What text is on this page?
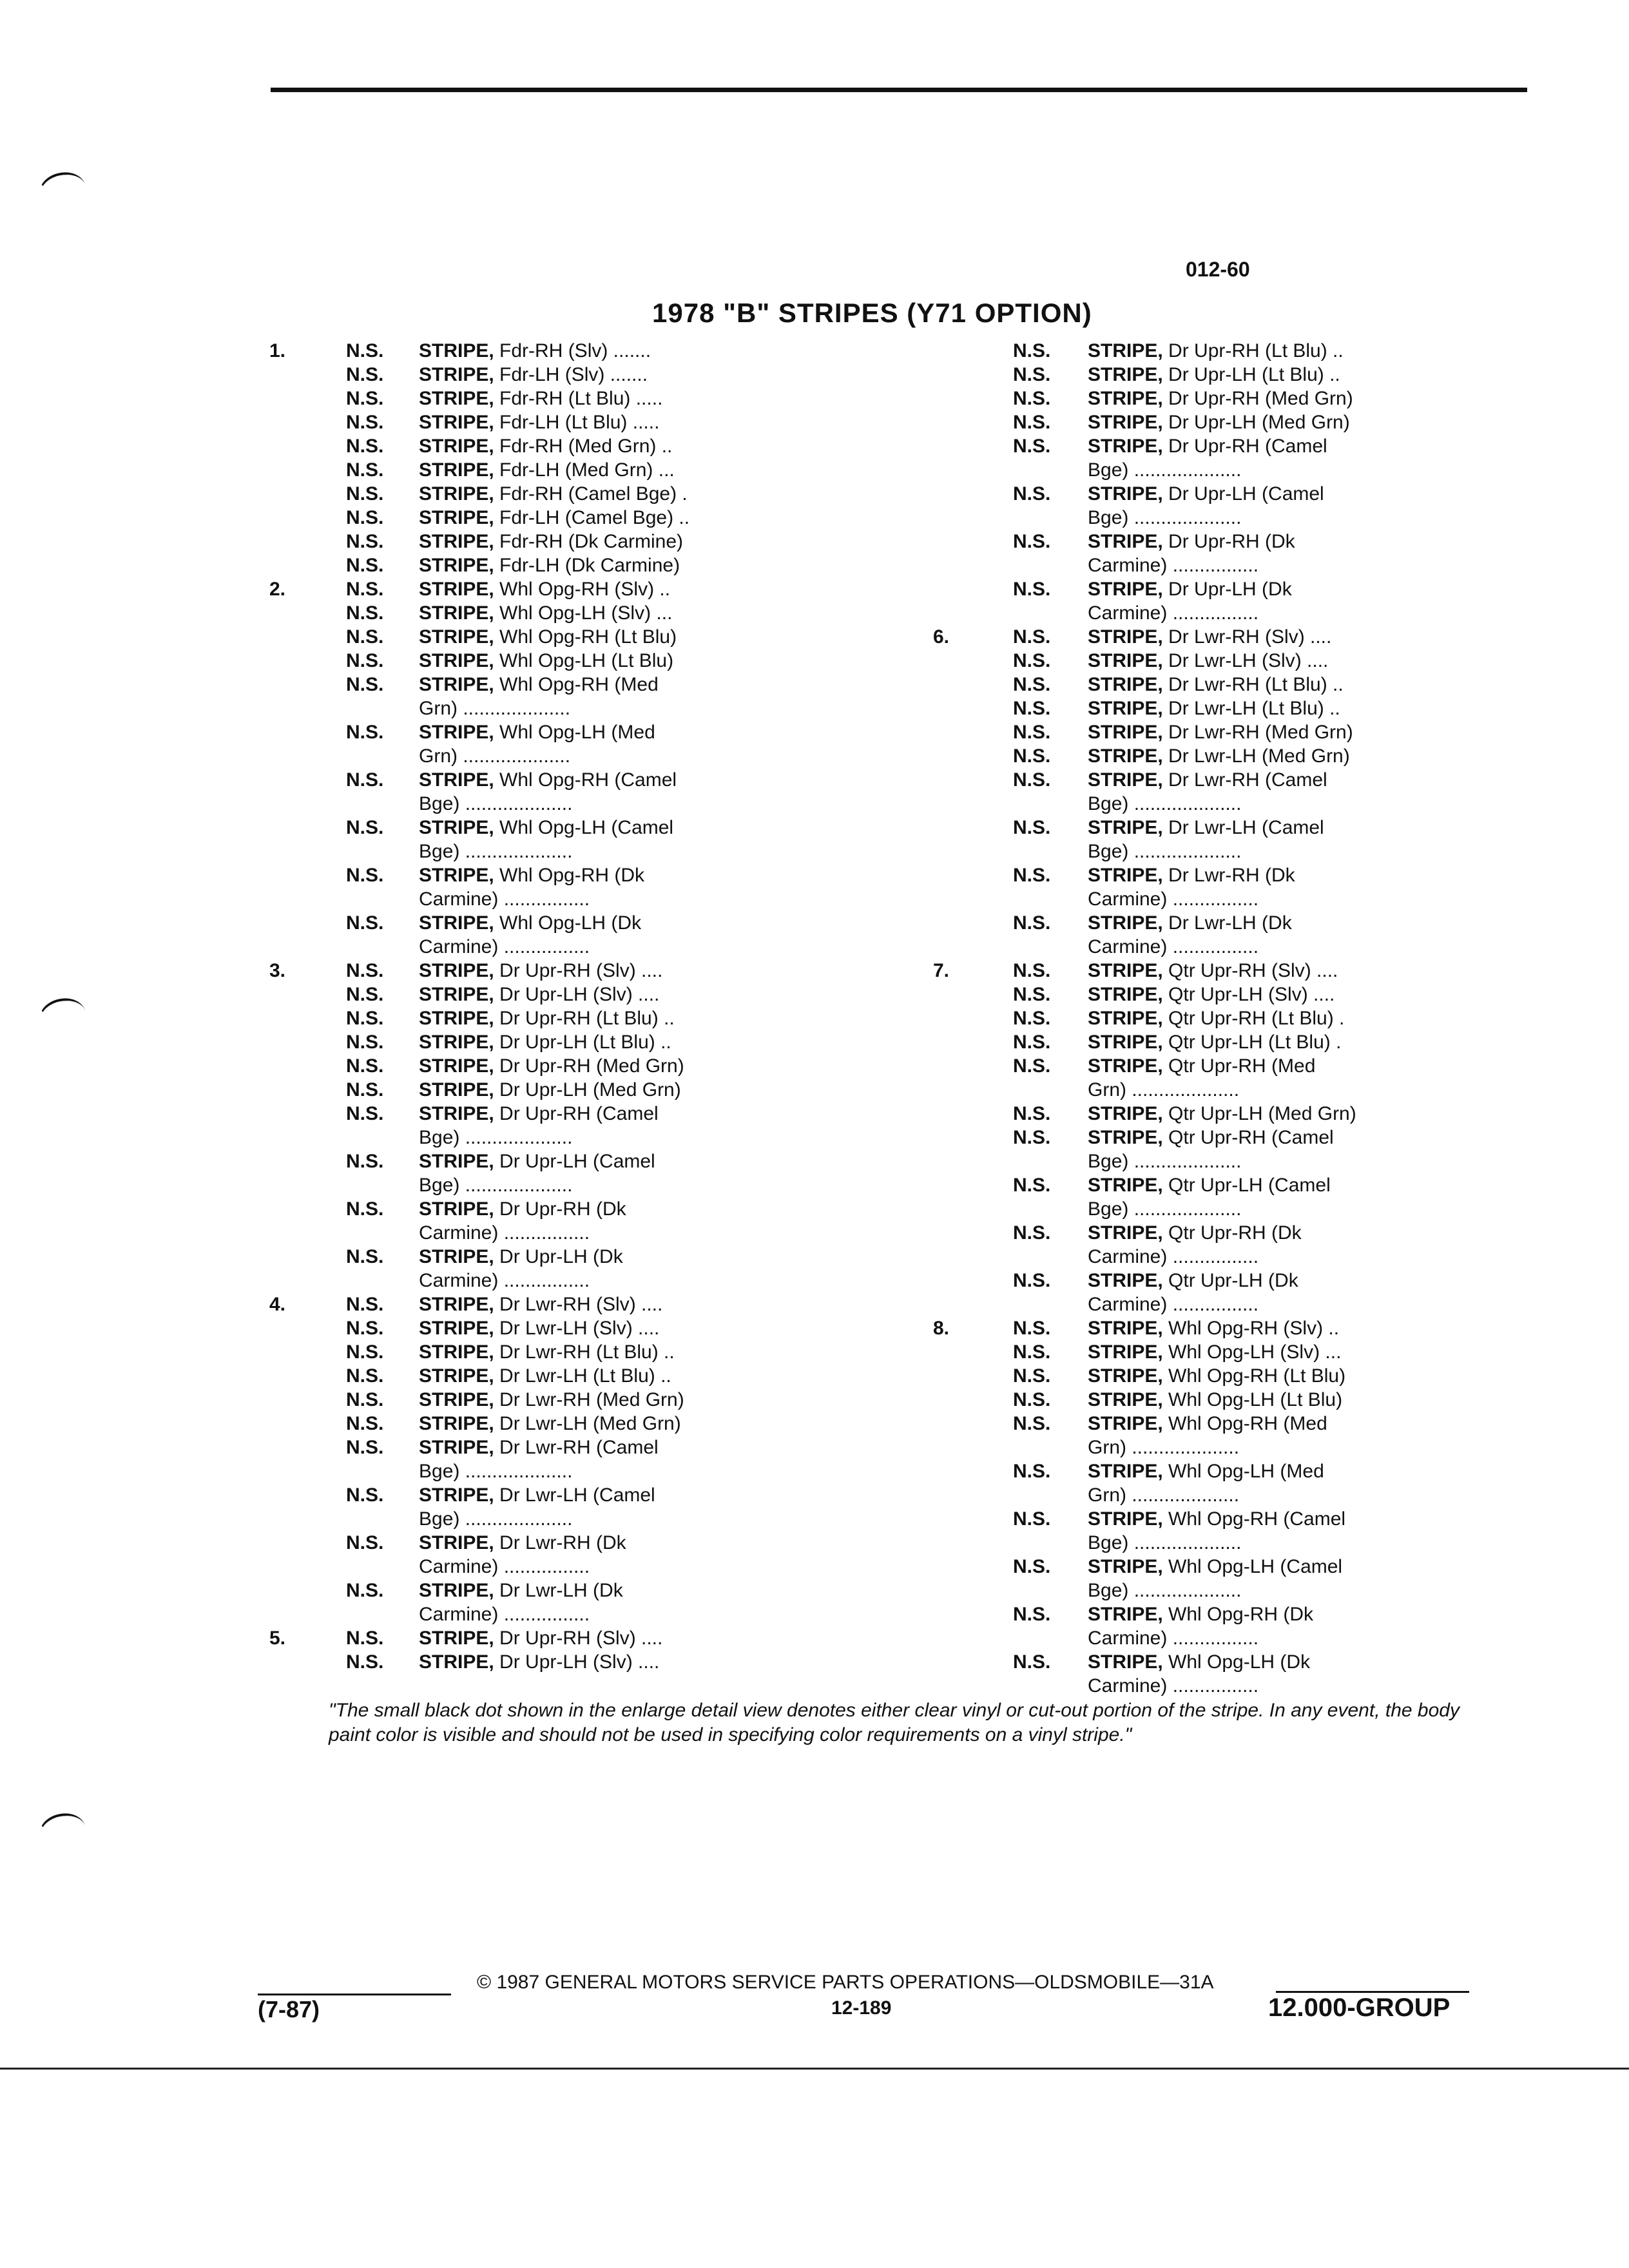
012-60
1978 "B" STRIPES (Y71 OPTION)
1.	N.S. STRIPE, Fdr-RH (Slv) .......
N.S. STRIPE, Fdr-LH (Slv) .......
N.S. STRIPE, Fdr-RH (Lt Blu) .....
N.S. STRIPE, Fdr-LH (Lt Blu) .....
N.S. STRIPE, Fdr-RH (Med Grn) ..
N.S. STRIPE, Fdr-LH (Med Grn) ...
N.S. STRIPE, Fdr-RH (Camel Bge) .
N.S. STRIPE, Fdr-LH (Camel Bge) ..
N.S. STRIPE, Fdr-RH (Dk Carmine)
N.S. STRIPE, Fdr-LH (Dk Carmine)
2.	N.S. STRIPE, Whl Opg-RH (Slv) ..
N.S. STRIPE, Whl Opg-LH (Slv) ...
N.S. STRIPE, Whl Opg-RH (Lt Blu)
N.S. STRIPE, Whl Opg-LH (Lt Blu)
N.S. STRIPE, Whl Opg-RH (Med
Grn) ....................
N.S. STRIPE, Whl Opg-LH (Med
Grn) ....................
N.S. STRIPE, Whl Opg-RH (Camel
Bge) ....................
N.S. STRIPE, Whl Opg-LH (Camel
Bge) ....................
N.S. STRIPE, Whl Opg-RH (Dk
Carmine) ................
N.S. STRIPE, Whl Opg-LH (Dk
Carmine) ................
3.	N.S. STRIPE, Dr Upr-RH (Slv) ....
N.S. STRIPE, Dr Upr-LH (Slv) ....
N.S. STRIPE, Dr Upr-RH (Lt Blu) ..
N.S. STRIPE, Dr Upr-LH (Lt Blu) ..
N.S. STRIPE, Dr Upr-RH (Med Grn)
N.S. STRIPE, Dr Upr-LH (Med Grn)
N.S. STRIPE, Dr Upr-RH (Camel
Bge) ....................
N.S. STRIPE, Dr Upr-LH (Camel
Bge) ....................
N.S. STRIPE, Dr Upr-RH (Dk
Carmine) ................
N.S. STRIPE, Dr Upr-LH (Dk
Carmine) ................
4.	N.S. STRIPE, Dr Lwr-RH (Slv) ....
N.S. STRIPE, Dr Lwr-LH (Slv) ....
N.S. STRIPE, Dr Lwr-RH (Lt Blu) ..
N.S. STRIPE, Dr Lwr-LH (Lt Blu) ..
N.S. STRIPE, Dr Lwr-RH (Med Grn)
N.S. STRIPE, Dr Lwr-LH (Med Grn)
N.S. STRIPE, Dr Lwr-RH (Camel
Bge) ....................
N.S. STRIPE, Dr Lwr-LH (Camel
Bge) ....................
N.S. STRIPE, Dr Lwr-RH (Dk
Carmine) ................
N.S. STRIPE, Dr Lwr-LH (Dk
Carmine) ................
5.	N.S. STRIPE, Dr Upr-RH (Slv) ....
N.S. STRIPE, Dr Upr-LH (Slv) ....
N.S. STRIPE, Dr Upr-RH (Lt Blu) ..
N.S. STRIPE, Dr Upr-LH (Lt Blu) ..
N.S. STRIPE, Dr Upr-RH (Med Grn)
N.S. STRIPE, Dr Upr-LH (Med Grn)
N.S. STRIPE, Dr Upr-RH (Camel
Bge) ....................
N.S. STRIPE, Dr Upr-LH (Camel
Bge) ....................
N.S. STRIPE, Dr Upr-RH (Dk
Carmine) ................
N.S. STRIPE, Dr Upr-LH (Dk
Carmine) ................
6.	N.S. STRIPE, Dr Lwr-RH (Slv) ....
N.S. STRIPE, Dr Lwr-LH (Slv) ....
N.S. STRIPE, Dr Lwr-RH (Lt Blu) ..
N.S. STRIPE, Dr Lwr-LH (Lt Blu) ..
N.S. STRIPE, Dr Lwr-RH (Med Grn)
N.S. STRIPE, Dr Lwr-LH (Med Grn)
N.S. STRIPE, Dr Lwr-RH (Camel
Bge) ....................
N.S. STRIPE, Dr Lwr-LH (Camel
Bge) ....................
N.S. STRIPE, Dr Lwr-RH (Dk
Carmine) ................
N.S. STRIPE, Dr Lwr-LH (Dk
Carmine) ................
7.	N.S. STRIPE, Qtr Upr-RH (Slv) ....
N.S. STRIPE, Qtr Upr-LH (Slv) ....
N.S. STRIPE, Qtr Upr-RH (Lt Blu) .
N.S. STRIPE, Qtr Upr-LH (Lt Blu) .
N.S. STRIPE, Qtr Upr-RH (Med
Grn) ....................
N.S. STRIPE, Qtr Upr-LH (Med Grn)
N.S. STRIPE, Qtr Upr-RH (Camel
Bge) ....................
N.S. STRIPE, Qtr Upr-LH (Camel
Bge) ....................
N.S. STRIPE, Qtr Upr-RH (Dk
Carmine) ................
N.S. STRIPE, Qtr Upr-LH (Dk
Carmine) ................
8.	N.S. STRIPE, Whl Opg-RH (Slv) ..
N.S. STRIPE, Whl Opg-LH (Slv) ...
N.S. STRIPE, Whl Opg-RH (Lt Blu)
N.S. STRIPE, Whl Opg-LH (Lt Blu)
N.S. STRIPE, Whl Opg-RH (Med
Grn) ....................
N.S. STRIPE, Whl Opg-LH (Med
Grn) ....................
N.S. STRIPE, Whl Opg-RH (Camel
Bge) ....................
N.S. STRIPE, Whl Opg-LH (Camel
Bge) ....................
N.S. STRIPE, Whl Opg-RH (Dk
Carmine) ................
N.S. STRIPE, Whl Opg-LH (Dk
Carmine) ................
"The small black dot shown in the enlarge detail view denotes either clear vinyl or cut-out portion of the stripe. In any event, the body paint color is visible and should not be used in specifying color requirements on a vinyl stripe."
(7-87)
© 1987 GENERAL MOTORS SERVICE PARTS OPERATIONS—OLDSMOBILE—31A
12-189	12.000-GROUP
